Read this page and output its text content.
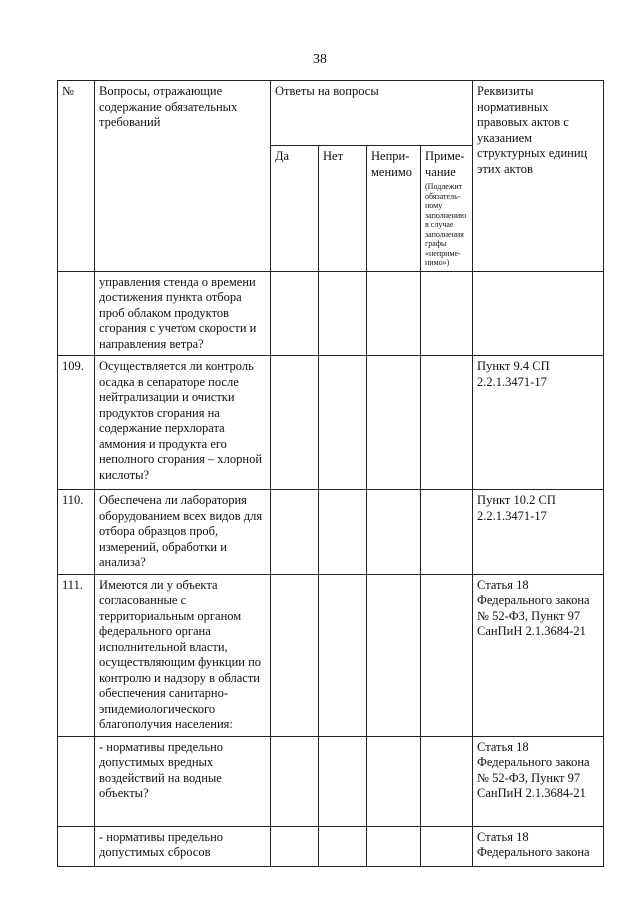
38
№	Вопросы, отражающие содержание обязательных требований	Ответы на вопросы				Реквизиты нормативных правовых актов с указанием структурных единиц этих актов
		Да	Нет	Непри-менимо	Приме-чание
(Подлежит обязатель-ному заполнению в случае заполнения графы «неприме-нимо»)	

	управления стенда о времени достижения пункта отбора проб облаком продуктов сгорания с учетом скорости и направления ветра?					
109.	Осуществляется ли контроль осадка в сепараторе после нейтрализации и очистки продуктов сгорания на содержание перхлората аммония и продукта его неполного сгорания – хлорной кислоты?					Пункт 9.4 СП 2.2.1.3471-17
110.	Обеспечена ли лаборатория оборудованием всех видов для отбора образцов проб, измерений, обработки и анализа?					Пункт 10.2 СП 2.2.1.3471-17
111.	Имеются ли у объекта согласованные с территориальным органом федерального органа исполнительной власти, осуществляющим функции по контролю и надзору в области обеспечения санитарно-эпидемиологического благополучия населения:					Статья 18 Федерального закона № 52-ФЗ, Пункт 97 СанПиН 2.1.3684-21
	- нормативы предельно допустимых вредных воздействий на водные объекты?					Статья 18 Федерального закона № 52-ФЗ, Пункт 97 СанПиН 2.1.3684-21
	- нормативы предельно допустимых сбросов					Статья 18 Федерального закона
